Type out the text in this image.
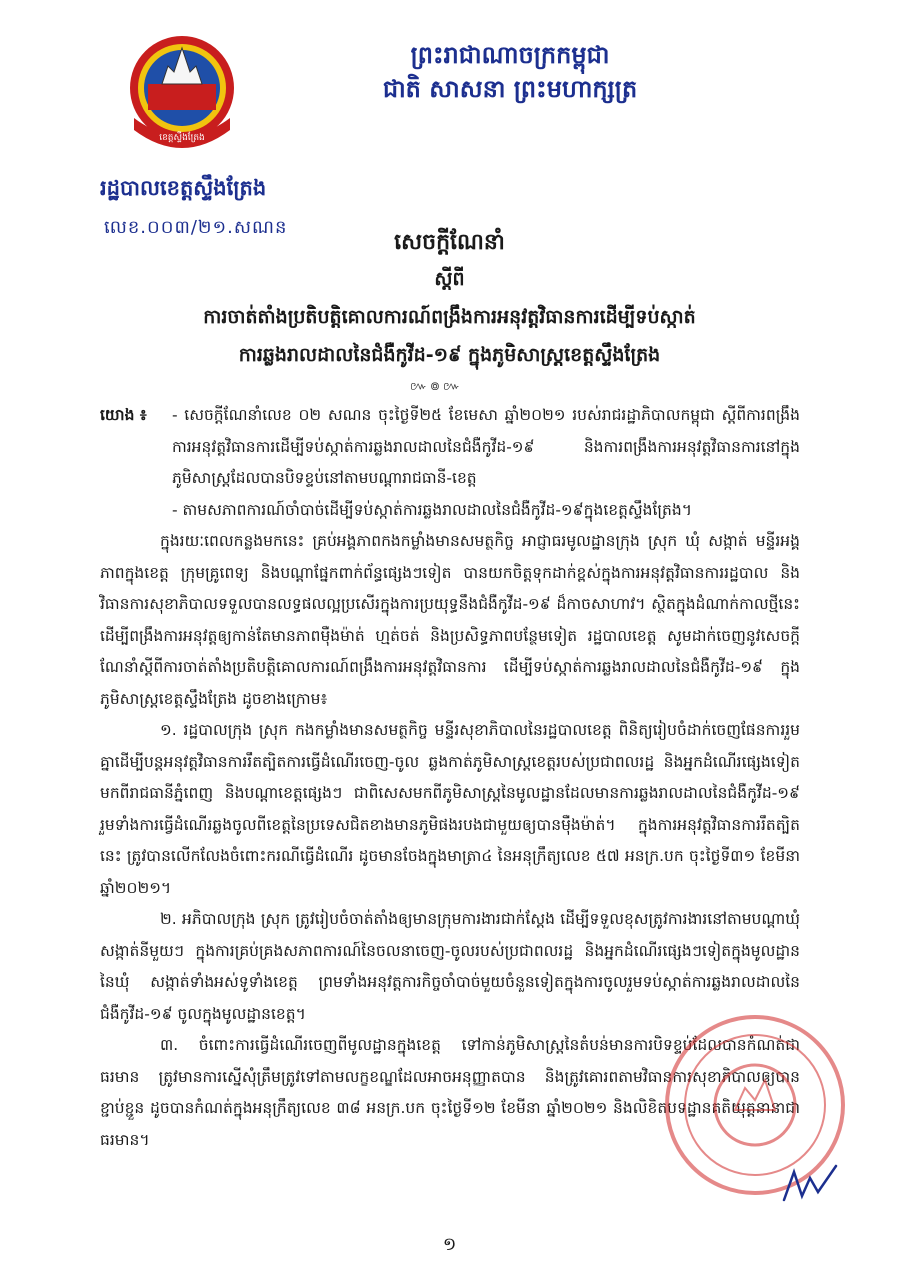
ខេត្តស្ទឹងត្រែង
ព្រះរាជាណាចក្រកម្ពុជា
ជាតិ សាសនា ព្រះមហាក្សត្រ
រដ្ឋបាលខេត្តស្ទឹងត្រែង
លេខ.០០៣/២១.សណន
សេចក្តីណែនាំ
ស្តីពី
ការចាត់តាំងប្រតិបត្តិគោលការណ៍ពង្រឹងការអនុវត្តវិធានការដើម្បីទប់ស្កាត់
ការឆ្លងរាលដាលនៃជំងឺកូវីដ-១៩ ក្នុងភូមិសាស្រ្តខេត្តស្ទឹងត្រែង
៚៙៚
យោង ៖	- សេចក្តីណែនាំលេខ ០២ សណន ចុះថ្ងៃទី២៥ ខែមេសា ឆ្នាំ២០២១ របស់រាជរដ្ឋាភិបាលកម្ពុជា ស្តីពីការពង្រឹងការអនុវត្តវិធានការដើម្បីទប់ស្កាត់ការឆ្លងរាលដាលនៃជំងឺកូវីដ-១៩ និងការពង្រឹងការអនុវត្តវិធានការនៅក្នុងភូមិសាស្ត្រដែលបានបិទខ្ទប់នៅតាមបណ្តារាជធានី-ខេត្ត

- តាមសភាពការណ៍ចាំបាច់ដើម្បីទប់ស្កាត់ការឆ្លងរាលដាលនៃជំងឺកូវីដ-១៩ក្នុងខេត្តស្ទឹងត្រែង។

ក្នុងរយៈពេលកន្លងមកនេះ គ្រប់អង្គភាពកងកម្លាំងមានសមត្ថកិច្ច អាជ្ញាធរមូលដ្ឋានក្រុង ស្រុក ឃុំ សង្កាត់ មន្ទីរអង្គភាពក្នុងខេត្ត ក្រុមគ្រូពេទ្យ និងបណ្តាផ្នែកពាក់ព័ន្ធផ្សេងៗទៀត បានយកចិត្តទុកដាក់ខ្ពស់ក្នុងការអនុវត្តវិធានការរដ្ឋបាល និងវិធានការសុខាភិបាលទទួលបានលទ្ធផលល្អប្រសើរក្នុងការប្រយុទ្ធនឹងជំងឺកូវីដ-១៩ ដ៏កាចសាហាវ។ ស្ថិតក្នុងដំណាក់កាលថ្មីនេះ ដើម្បីពង្រឹងការអនុវត្តឲ្យកាន់តែមានភាពម៉ឺងម៉ាត់ ហ្មត់ចត់ និងប្រសិទ្ធភាពបន្ថែមទៀត រដ្ឋបាលខេត្ត សូមដាក់ចេញនូវសេចក្តីណែនាំស្តីពីការចាត់តាំងប្រតិបត្តិគោលការណ៍ពង្រឹងការអនុវត្តវិធានការ ដើម្បីទប់ស្កាត់ការឆ្លងរាលដាលនៃជំងឺកូវីដ-១៩ ក្នុងភូមិសាស្ត្រខេត្តស្ទឹងត្រែង ដូចខាងក្រោម៖

១. រដ្ឋបាលក្រុង ស្រុក កងកម្លាំងមានសមត្ថកិច្ច មន្ទីរសុខាភិបាលនៃរដ្ឋបាលខេត្ត ពិនិត្យរៀបចំដាក់ចេញផែនការរួមគ្នាដើម្បីបន្តអនុវត្តវិធានការរឹតត្បិតការធ្វើដំណើរចេញ-ចូល ឆ្លងកាត់ភូមិសាស្ត្រខេត្តរបស់ប្រជាពលរដ្ឋ និងអ្នកដំណើរផ្សេងទៀត មកពីរាជធានីភ្នំពេញ និងបណ្តាខេត្តផ្សេងៗ ជាពិសេសមកពីភូមិសាស្ត្រនៃមូលដ្ឋានដែលមានការឆ្លងរាលដាលនៃជំងឺកូវីដ-១៩ រួមទាំងការធ្វើដំណើរឆ្លងចូលពីខេត្តនៃប្រទេសជិតខាងមានភូមិផងរបងជាមួយឲ្យបានម៉ឺងម៉ាត់។ ក្នុងការអនុវត្តវិធានការរឹតត្បិតនេះ ត្រូវបានលើកលែងចំពោះករណីធ្វើដំណើរ ដូចមានចែងក្នុងមាត្រា៤ នៃអនុក្រឹត្យលេខ ៥៧ អនក្រ.បក ចុះថ្ងៃទី៣១ ខែមីនា ឆ្នាំ២០២១។

២. អភិបាលក្រុង ស្រុក ត្រូវរៀបចំចាត់តាំងឲ្យមានក្រុមការងារជាក់ស្តែង ដើម្បីទទួលខុសត្រូវការងារនៅតាមបណ្តាឃុំ សង្កាត់នីមួយៗ ក្នុងការគ្រប់គ្រងសភាពការណ៍នៃចលនាចេញ-ចូលរបស់ប្រជាពលរដ្ឋ និងអ្នកដំណើរផ្សេងៗទៀតក្នុងមូលដ្ឋាននៃឃុំ សង្កាត់ទាំងអស់ទូទាំងខេត្ត ព្រមទាំងអនុវត្តការកិច្ចចាំបាច់មួយចំនួនទៀតក្នុងការចូលរួមទប់ស្កាត់ការឆ្លងរាលដាលនៃជំងឺកូវីដ-១៩ ចូលក្នុងមូលដ្ឋានខេត្ត។

៣. ចំពោះការធ្វើដំណើរចេញពីមូលដ្ឋានក្នុងខេត្ត ទៅកាន់ភូមិសាស្ត្រនៃតំបន់មានការបិទខ្ទប់ដែលបានកំណត់ជាធរមាន ត្រូវមានការស្នើសុំត្រឹមត្រូវទៅតាមលក្ខខណ្ឌដែលអាចអនុញ្ញាតបាន និងត្រូវគោរពតាមវិធានការសុខាភិបាលឲ្យបានខ្ជាប់ខ្ជួន ដូចបានកំណត់ក្នុងអនុក្រឹត្យលេខ ៣៨ អនក្រ.បក ចុះថ្ងៃទី១២ ខែមីនា ឆ្នាំ២០២១ និងលិខិតបទដ្ឋានគតិយុត្តនានាជាធរមាន។

១
